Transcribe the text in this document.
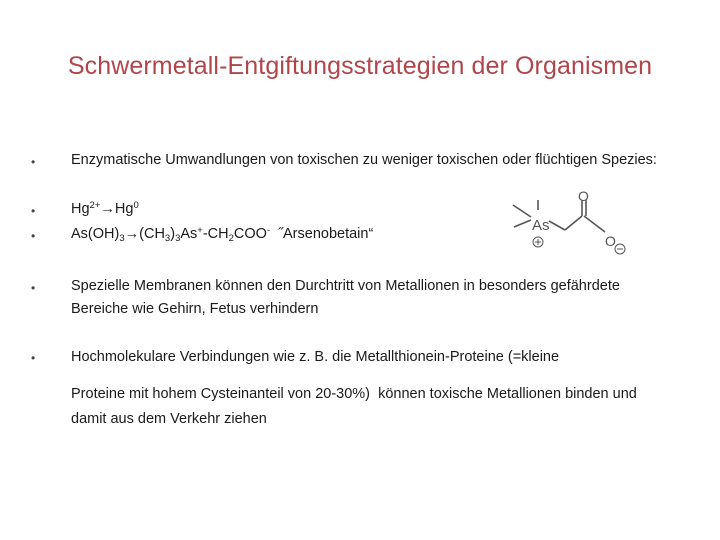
Schwermetall-Entgiftungsstrategien der Organismen
• Enzymatische Umwandlungen von toxischen zu weniger toxischen oder flüchtigen Spezies:
• $Hg^{2+}\to Hg^0$
• $As(OH)_3\to(CH_3)_3As^+-CH_2COO^-$  ˝Arsenobetain“	As
O
O
• Spezielle Membranen können den Durchtritt von Metallionen in besonders gefährdete Bereiche wie Gehirn, Fetus verhindern
• Hochmolekulare Verbindungen wie z. B. die Metallthionein-Proteine (=kleine
Proteine mit hohem Cysteinanteil von 20-30%)  können toxische Metallionen binden und damit aus dem Verkehr ziehen
